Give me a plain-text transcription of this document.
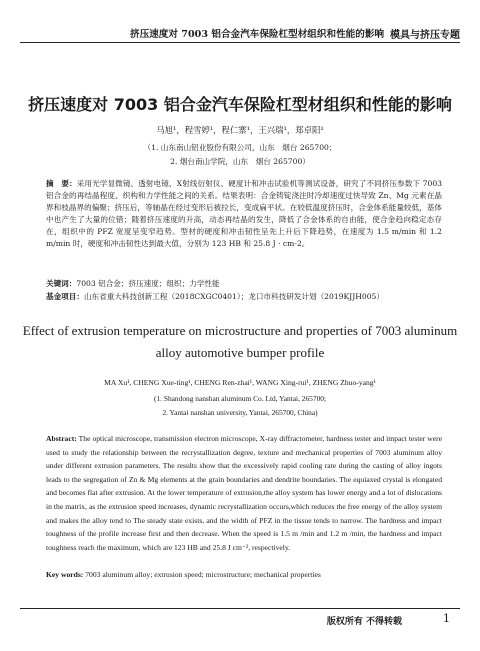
挤压速度对 7003 铝合金汽车保险杠型材组织和性能的影响 模具与挤压专题
挤压速度对 7003 铝合金汽车保险杠型材组织和性能的影响
马旭¹，程雪婷¹，程仁寨¹，王兴瑞¹，郑卓阳¹
（1. 山东南山铝业股份有限公司，山东　烟台 265700；
2. 烟台南山学院，山东　烟台 265700）
摘　要：采用光学显微镜、透射电镜、X射线衍射仪、硬度计和冲击试验机等测试设备，研究了不同挤压参数下 7003 铝合金的再结晶程度、织构和力学性能之间的关系。结果表明：合金铸锭浇注时冷却速度过快导致 Zn、Mg 元素在晶界和枝晶界的偏聚；挤压后，等轴晶在经过变形后被拉长，变成扁平状。在较低温度挤压时，合金体系能量较低，基体中也产生了大量的位错；随着挤压速度的升高，动态再结晶的发生，降低了合金体系的自由能，使合金趋向稳定态存在，组织中的 PFZ 宽度呈变窄趋势。型材的硬度和冲击韧性呈先上升后下降趋势，在速度为 1.5 m/min 和 1.2 m/min 时，硬度和冲击韧性达到最大值，分别为 123 HB 和 25.8 J · cm-2。
关键词：7003 铝合金；挤压速度；组织；力学性能
基金项目：山东省重大科技创新工程（2018CXGC0401）；龙口市科技研发计划（2019KJJH005）
Effect of extrusion temperature on microstructure and properties of 7003 aluminum
alloy automotive bumper profile
MA Xu¹, CHENG Xue-ting¹, CHENG Ren-zhai¹, WANG Xing-rui¹, ZHENG Zhuo-yang¹
(1. Shandong nanshan aluminum Co. Ltd, Yantai, 265700;
2. Yantai nanshan university, Yantai, 265700, China)
Abstract: The optical microscope, transmission electron microscope, X-ray diffractometer, hardness tester and impact tester were used to study the relationship between the recrystallization degree, texture and mechanical properties of 7003 aluminum alloy under different extrusion parameters. The results show that the excessively rapid cooling rate during the casting of alloy ingots leads to the segregation of Zn & Mg elements at the grain boundaries and dendrite boundaries. The equiaxed crystal is elongated and becomes flat after extrusion. At the lower temperature of extrusion,the alloy system has lower energy and a lot of dislocations in the matrix, as the extrusion speed increases, dynamic recrystallization occurs,which reduces the free energy of the alloy system and makes the alloy tend to The steady state exists, and the width of PFZ in the tissue tends to narrow. The hardness and impact toughness of the profile increase first and then decrease. When the speed is 1.5 m /min and 1.2 m /min, the hardness and impact toughness reach the maximum, which are 123 HB and 25.8 J cm⁻², respectively.
Key words: 7003 aluminum alloy; extrusion speed; microstructure; mechanical properties
版权所有 不得转载	1
